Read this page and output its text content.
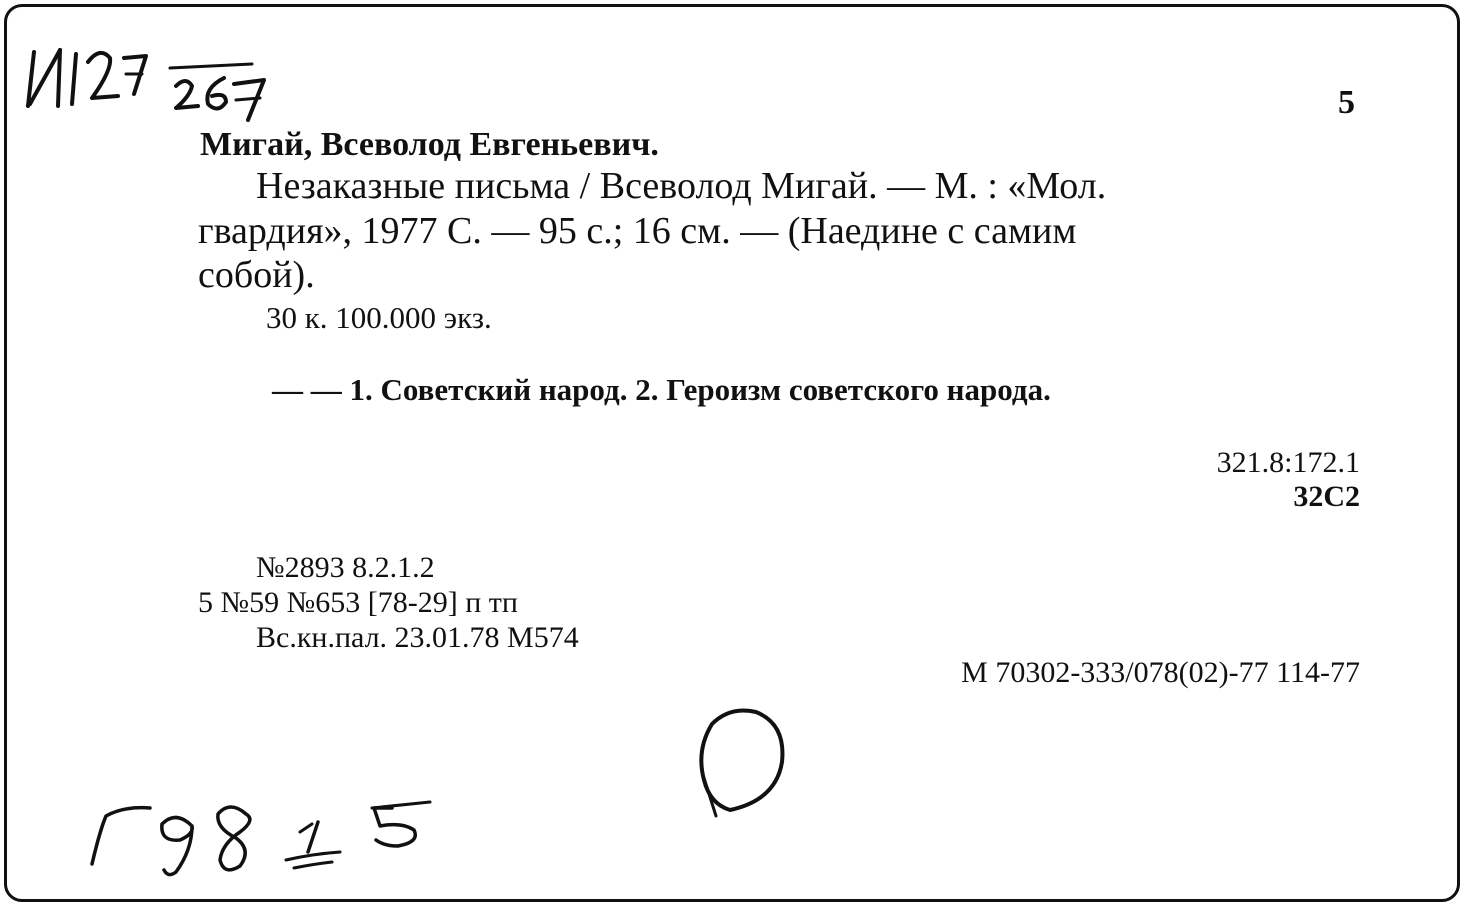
5
Мигай, Всеволод Евгеньевич.
Незаказные письма / Всеволод Мигай. — М. : «Мол.
гвардия», 1977 С. — 95 с.; 16 см. — (Наедине с самим
собой).
30 к. 100.000 экз.
— — 1. Советский народ. 2. Героизм советского народа.
321.8:172.1
32С2
№2893 8.2.1.2
5 №59 №653 [78-29] п тп
Вс.кн.пал. 23.01.78 М574
М 70302-333/078(02)-77 114-77
